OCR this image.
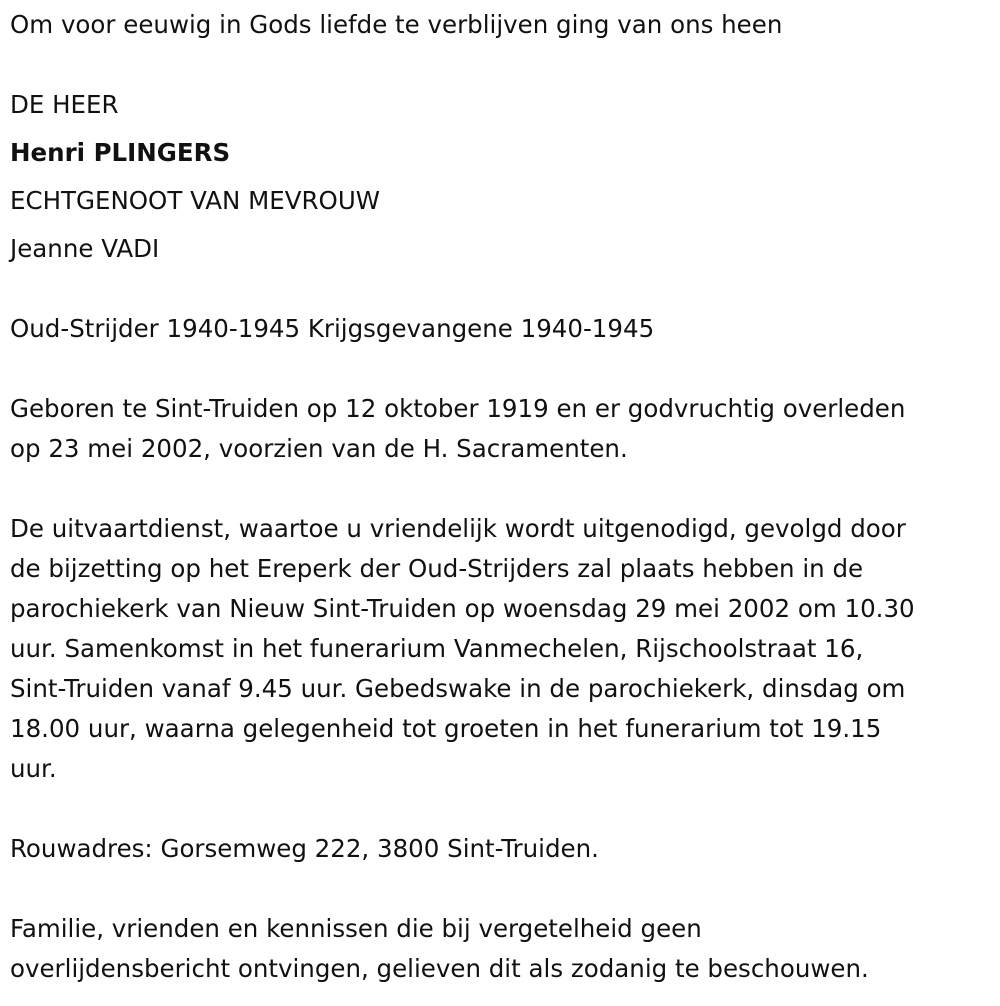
Om voor eeuwig in Gods liefde te verblijven ging van ons heen
DE HEER
Henri PLINGERS
ECHTGENOOT VAN MEVROUW
Jeanne VADI
Oud-Strijder 1940-1945 Krijgsgevangene 1940-1945
Geboren te Sint-Truiden op 12 oktober 1919 en er godvruchtig overleden
op 23 mei 2002, voorzien van de H. Sacramenten.
De uitvaartdienst, waartoe u vriendelijk wordt uitgenodigd, gevolgd door
de bijzetting op het Ereperk der Oud-Strijders zal plaats hebben in de
parochiekerk van Nieuw Sint-Truiden op woensdag 29 mei 2002 om 10.30
uur. Samenkomst in het funerarium Vanmechelen, Rijschoolstraat 16,
Sint-Truiden vanaf 9.45 uur. Gebedswake in de parochiekerk, dinsdag om
18.00 uur, waarna gelegenheid tot groeten in het funerarium tot 19.15
uur.
Rouwadres: Gorsemweg 222, 3800 Sint-Truiden.
Familie, vrienden en kennissen die bij vergetelheid geen
overlijdensbericht ontvingen, gelieven dit als zodanig te beschouwen.
